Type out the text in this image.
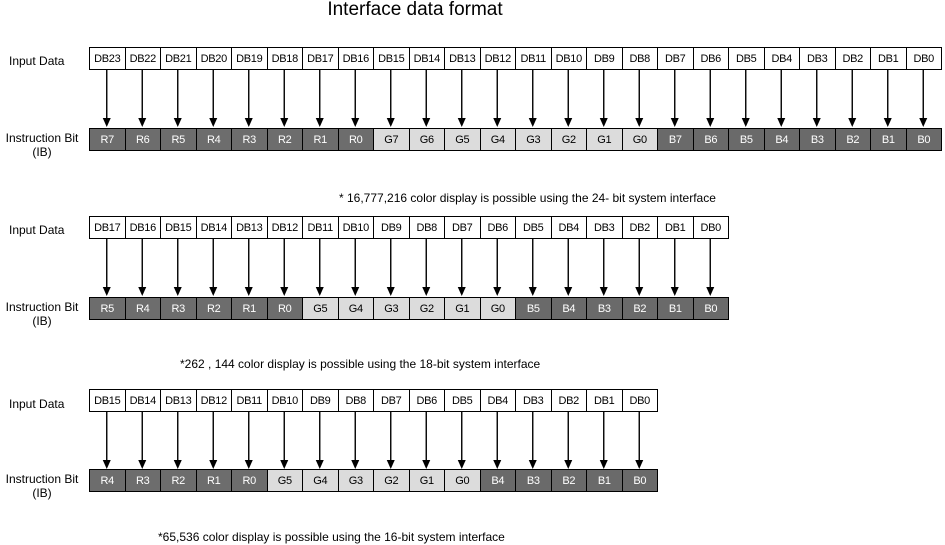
Interface data format
Input Data	DB23 DB22 DB21 DB20 DB19 DB18 DB17 DB16 DB15 DB14 DB13 DB12 DB11 DB10	DB9	DB8	DB7	DB6	DB5	DB4	DB3	DB2	DB1	DB0
Instruction Bit
(IB)
R7	R6	R5	R4	R3	R2	R1	R0	G7	G6	G5	G4	G3	G2	G1	G0	B7	B6	B5	B4	B3	B2	B1	B0
* 16,777,216 color display is possible using the 24- bit system interface
Input Data	DB17 DB16 DB15 DB14 DB13 DB12 DB11 DB10	DB9	DB8	DB7	DB6	DB5	DB4	DB3	DB2	DB1	DB0
Instruction Bit
(IB)
R5	R4	R3	R2	R1	R0	G5	G4	G3	G2	G1	G0	B5	B4	B3	B2	B1	B0
*262 , 144 color display is possible using the 18-bit system interface
Input Data	DB15 DB14 DB13 DB12 DB11 DB10	DB9	DB8	DB7	DB6	DB5	DB4	DB3	DB2	DB1	DB0
Instruction Bit
(IB)
R4	R3	R2	R1	R0	G5	G4	G3	G2	G1	G0	B4	B3	B2	B1	B0
*65,536 color display is possible using the 16-bit system interface
